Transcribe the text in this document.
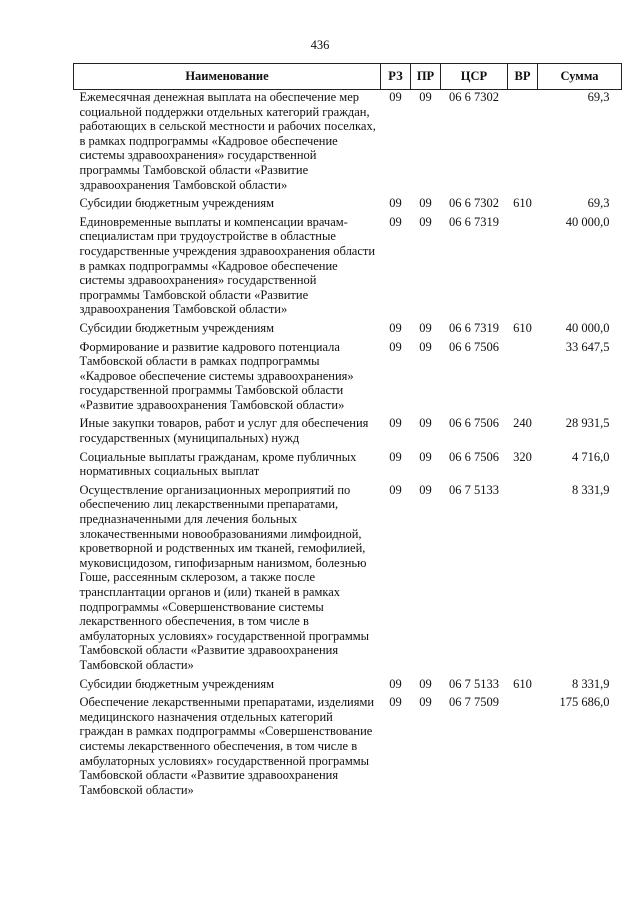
436
Наименование	РЗ	ПР	ЦСР	ВР	Сумма
Ежемесячная денежная выплата на обеспечение мер социальной поддержки отдельных категорий граждан, работающих в сельской местности и рабочих поселках, в рамках подпрограммы «Кадровое обеспечение системы здравоохранения» государственной программы Тамбовской области «Развитие здравоохранения Тамбовской области»	09	09	06 6 7302		69,3
Субсидии бюджетным учреждениям	09	09	06 6 7302	610	69,3
Единовременные выплаты и компенсации врачам-специалистам при трудоустройстве в областные государственные учреждения здравоохранения области в рамках подпрограммы «Кадровое обеспечение системы здравоохранения» государственной программы Тамбовской области «Развитие здравоохранения Тамбовской области»	09	09	06 6 7319		40 000,0
Субсидии бюджетным учреждениям	09	09	06 6 7319	610	40 000,0
Формирование и развитие кадрового потенциала Тамбовской области в рамках подпрограммы «Кадровое обеспечение системы здравоохранения» государственной программы Тамбовской области «Развитие здравоохранения Тамбовской области»	09	09	06 6 7506		33 647,5
Иные закупки товаров, работ и услуг для обеспечения государственных (муниципальных) нужд	09	09	06 6 7506	240	28 931,5
Социальные выплаты гражданам, кроме публичных нормативных социальных выплат	09	09	06 6 7506	320	4 716,0
Осуществление организационных мероприятий по обеспечению лиц лекарственными препаратами, предназначенными для лечения больных злокачественными новообразованиями лимфоидной, кроветворной и родственных им тканей, гемофилией, муковисцидозом, гипофизарным нанизмом, болезнью Гоше, рассеянным склерозом, а также после трансплантации органов и (или) тканей в рамках подпрограммы «Совершенствование системы лекарственного обеспечения, в том числе в амбулаторных условиях» государственной программы Тамбовской области «Развитие здравоохранения Тамбовской области»	09	09	06 7 5133		8 331,9
Субсидии бюджетным учреждениям	09	09	06 7 5133	610	8 331,9
Обеспечение лекарственными препаратами, изделиями медицинского назначения отдельных категорий граждан в рамках подпрограммы «Совершенствование системы лекарственного обеспечения, в том числе в амбулаторных условиях» государственной программы Тамбовской области «Развитие здравоохранения Тамбовской области»	09	09	06 7 7509		175 686,0
